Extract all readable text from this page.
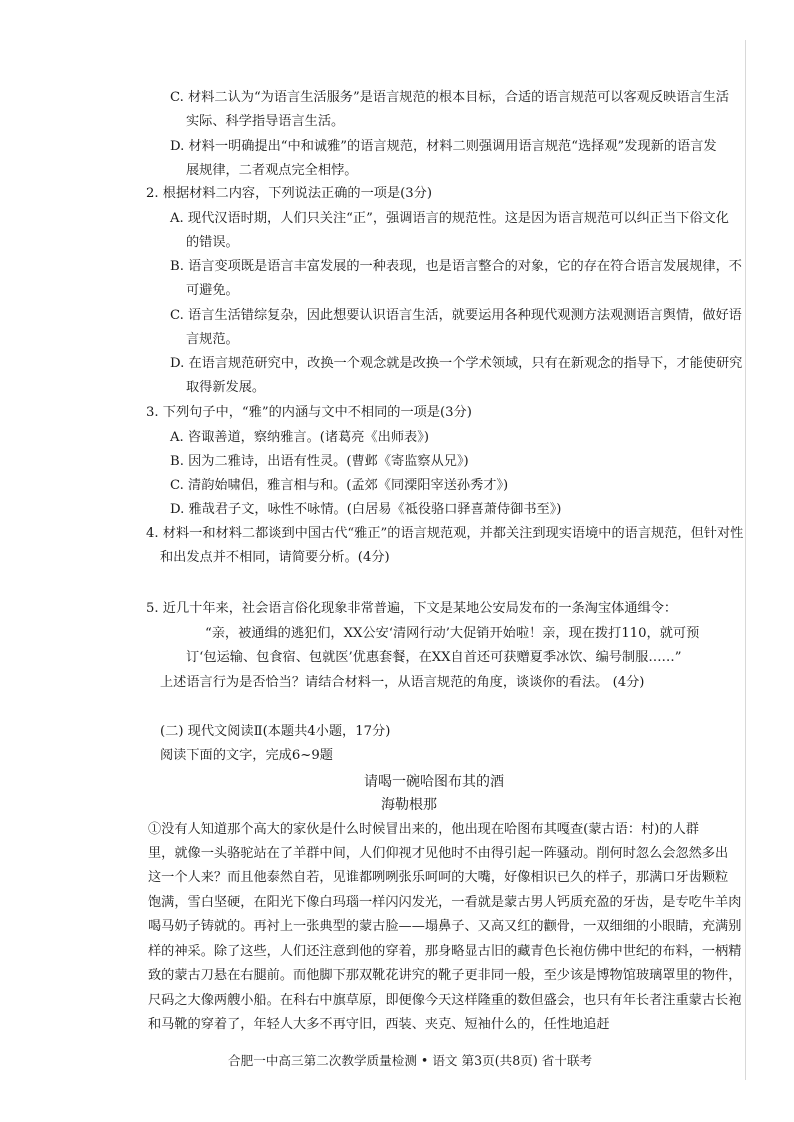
C. 材料二认为“为语言生活服务”是语言规范的根本目标，合适的语言规范可以客观反映语言生活
实际、科学指导语言生活。
D. 材料一明确提出“中和诚雅”的语言规范，材料二则强调用语言规范“选择观”发现新的语言发
展规律，二者观点完全相悖。
2. 根据材料二内容，下列说法正确的一项是(3分)
A. 现代汉语时期，人们只关注“正”，强调语言的规范性。这是因为语言规范可以纠正当下俗文化
的错误。
B. 语言变项既是语言丰富发展的一种表现，也是语言整合的对象，它的存在符合语言发展规律，不
可避免。
C. 语言生活错综复杂，因此想要认识语言生活，就要运用各种现代观测方法观测语言舆情，做好语
言规范。
D. 在语言规范研究中，改换一个观念就是改换一个学术领域，只有在新观念的指导下，才能使研究
取得新发展。
3. 下列句子中，“雅”的内涵与文中不相同的一项是(3分)
A. 咨诹善道，察纳雅言。(诸葛亮《出师表》)
B. 因为二雅诗，出语有性灵。(曹邺《寄监察从兄》)
C. 清韵始啸侣，雅言相与和。(孟郊《同溧阳宰送孙秀才》)
D. 雅哉君子文，咏性不咏情。(白居易《祗役骆口驿喜萧侍御书至》)
4. 材料一和材料二都谈到中国古代“雅正”的语言规范观，并都关注到现实语境中的语言规范，但针对性
和出发点并不相同，请简要分析。(4分)
5. 近几十年来，社会语言俗化现象非常普遍，下文是某地公安局发布的一条淘宝体通缉令：
“亲，被通缉的逃犯们，XX公安‘清网行动’大促销开始啦！亲，现在拨打110，就可预
订‘包运输、包食宿、包就医’优惠套餐，在XX自首还可获赠夏季冰饮、编号制服……”
上述语言行为是否恰当？请结合材料一，从语言规范的角度，谈谈你的看法。 (4分)
(二) 现代文阅读Ⅱ(本题共4小题，17分)
阅读下面的文字，完成6~9题
请喝一碗哈图布其的酒
海勒根那
①没有人知道那个高大的家伙是什么时候冒出来的，他出现在哈图布其嘎查(蒙古语：村)的人群
里，就像一头骆驼站在了羊群中间，人们仰视才见他时不由得引起一阵骚动。削何时忽么会忽然多出
这一个人来？而且他泰然自若，见谁都咧咧张乐呵呵的大嘴，好像相识已久的样子，那满口牙齿颗粒
饱满，雪白坚硬，在阳光下像白玛瑙一样闪闪发光，一看就是蒙古男人钙质充盈的牙齿，是专吃牛羊肉
喝马奶子铸就的。再衬上一张典型的蒙古脸——塌鼻子、又高又红的颧骨，一双细细的小眼睛，充满别
样的神采。除了这些，人们还注意到他的穿着，那身略显古旧的藏青色长袍仿佛中世纪的布料，一柄精
致的蒙古刀悬在右腿前。而他脚下那双靴花讲究的靴子更非同一般，至少该是博物馆玻璃罩里的物件，
尺码之大像两艘小船。在科右中旗草原，即便像今天这样隆重的数但盛会，也只有年长者注重蒙古长袍
和马靴的穿着了，年轻人大多不再守旧，西装、夹克、短袖什么的，任性地追赶
合肥一中高三第二次教学质量检测 • 语文 第3页(共8页) 省十联考
